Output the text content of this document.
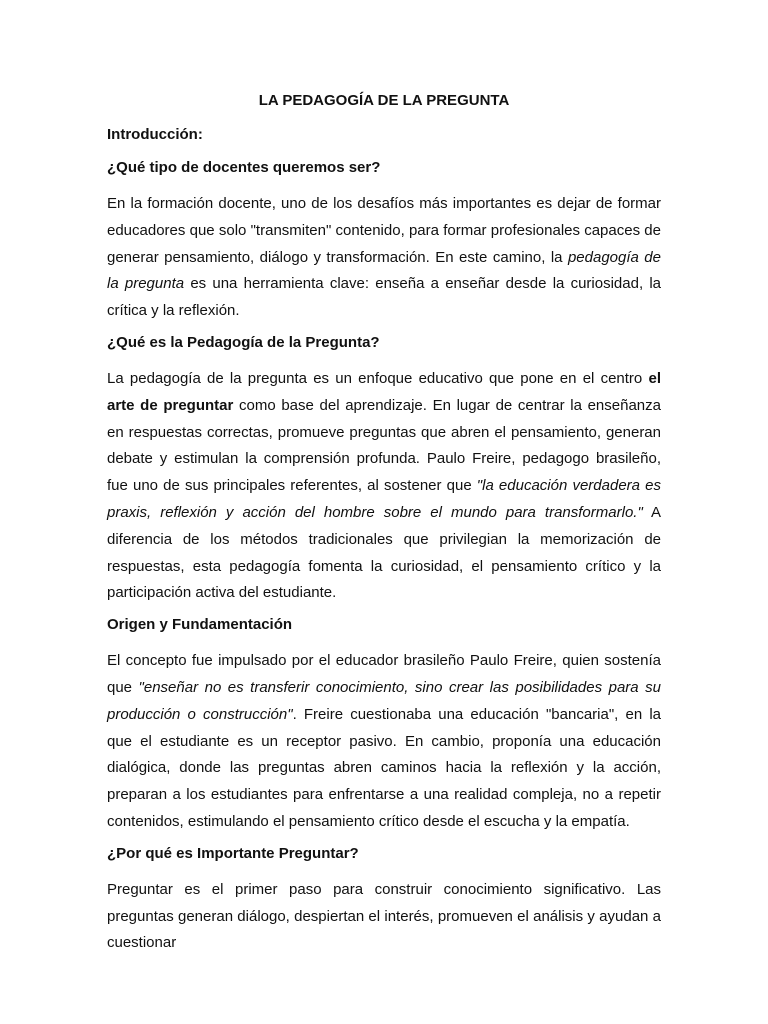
LA PEDAGOGÍA DE LA PREGUNTA
Introducción:
¿Qué tipo de docentes queremos ser?

En la formación docente, uno de los desafíos más importantes es dejar de formar educadores que solo "transmiten" contenido, para formar profesionales capaces de generar pensamiento, diálogo y transformación. En este camino, la pedagogía de la pregunta es una herramienta clave: enseña a enseñar desde la curiosidad, la crítica y la reflexión.

¿Qué es la Pedagogía de la Pregunta?

La pedagogía de la pregunta es un enfoque educativo que pone en el centro el arte de preguntar como base del aprendizaje. En lugar de centrar la enseñanza en respuestas correctas, promueve preguntas que abren el pensamiento, generan debate y estimulan la comprensión profunda. Paulo Freire, pedagogo brasileño, fue uno de sus principales referentes, al sostener que "la educación verdadera es praxis, reflexión y acción del hombre sobre el mundo para transformarlo." A diferencia de los métodos tradicionales que privilegian la memorización de respuestas, esta pedagogía fomenta la curiosidad, el pensamiento crítico y la participación activa del estudiante.

Origen y Fundamentación

El concepto fue impulsado por el educador brasileño Paulo Freire, quien sostenía que "enseñar no es transferir conocimiento, sino crear las posibilidades para su producción o construcción". Freire cuestionaba una educación "bancaria", en la que el estudiante es un receptor pasivo. En cambio, proponía una educación dialógica, donde las preguntas abren caminos hacia la reflexión y la acción, preparan a los estudiantes para enfrentarse a una realidad compleja, no a repetir contenidos, estimulando el pensamiento crítico desde el escucha y la empatía.

¿Por qué es Importante Preguntar?

Preguntar es el primer paso para construir conocimiento significativo. Las preguntas generan diálogo, despiertan el interés, promueven el análisis y ayudan a cuestionar
